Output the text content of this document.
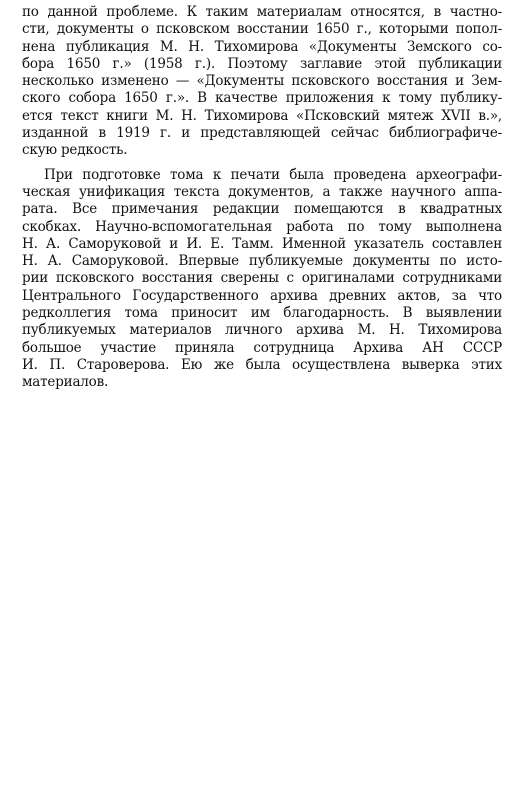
по данной проблеме. К таким материалам относятся, в частно-
сти, документы о псковском восстании 1650 г., которыми попол-
нена публикация М. Н. Тихомирова «Документы Земского со-
бора 1650 г.» (1958 г.). Поэтому заглавие этой публикации
несколько изменено — «Документы псковского восстания и Зем-
ского собора 1650 г.». В качестве приложения к тому публику-
ется текст книги М. Н. Тихомирова «Псковский мятеж XVII в.»,
изданной в 1919 г. и представляющей сейчас библиографиче-
скую редкость.
При подготовке тома к печати была проведена археографи-
ческая унификация текста документов, а также научного аппа-
рата. Все примечания редакции помещаются в квадратных
скобках. Научно-вспомогательная работа по тому выполнена
Н. А. Саморуковой и И. Е. Тамм. Именной указатель составлен
Н. А. Саморуковой. Впервые публикуемые документы по исто-
рии псковского восстания сверены с оригиналами сотрудниками
Центрального Государственного архива древних актов, за что
редколлегия тома приносит им благодарность. В выявлении
публикуемых материалов личного архива М. Н. Тихомирова
большое участие приняла сотрудница Архива АН СССР
И. П. Староверова. Ею же была осуществлена выверка этих
материалов.
